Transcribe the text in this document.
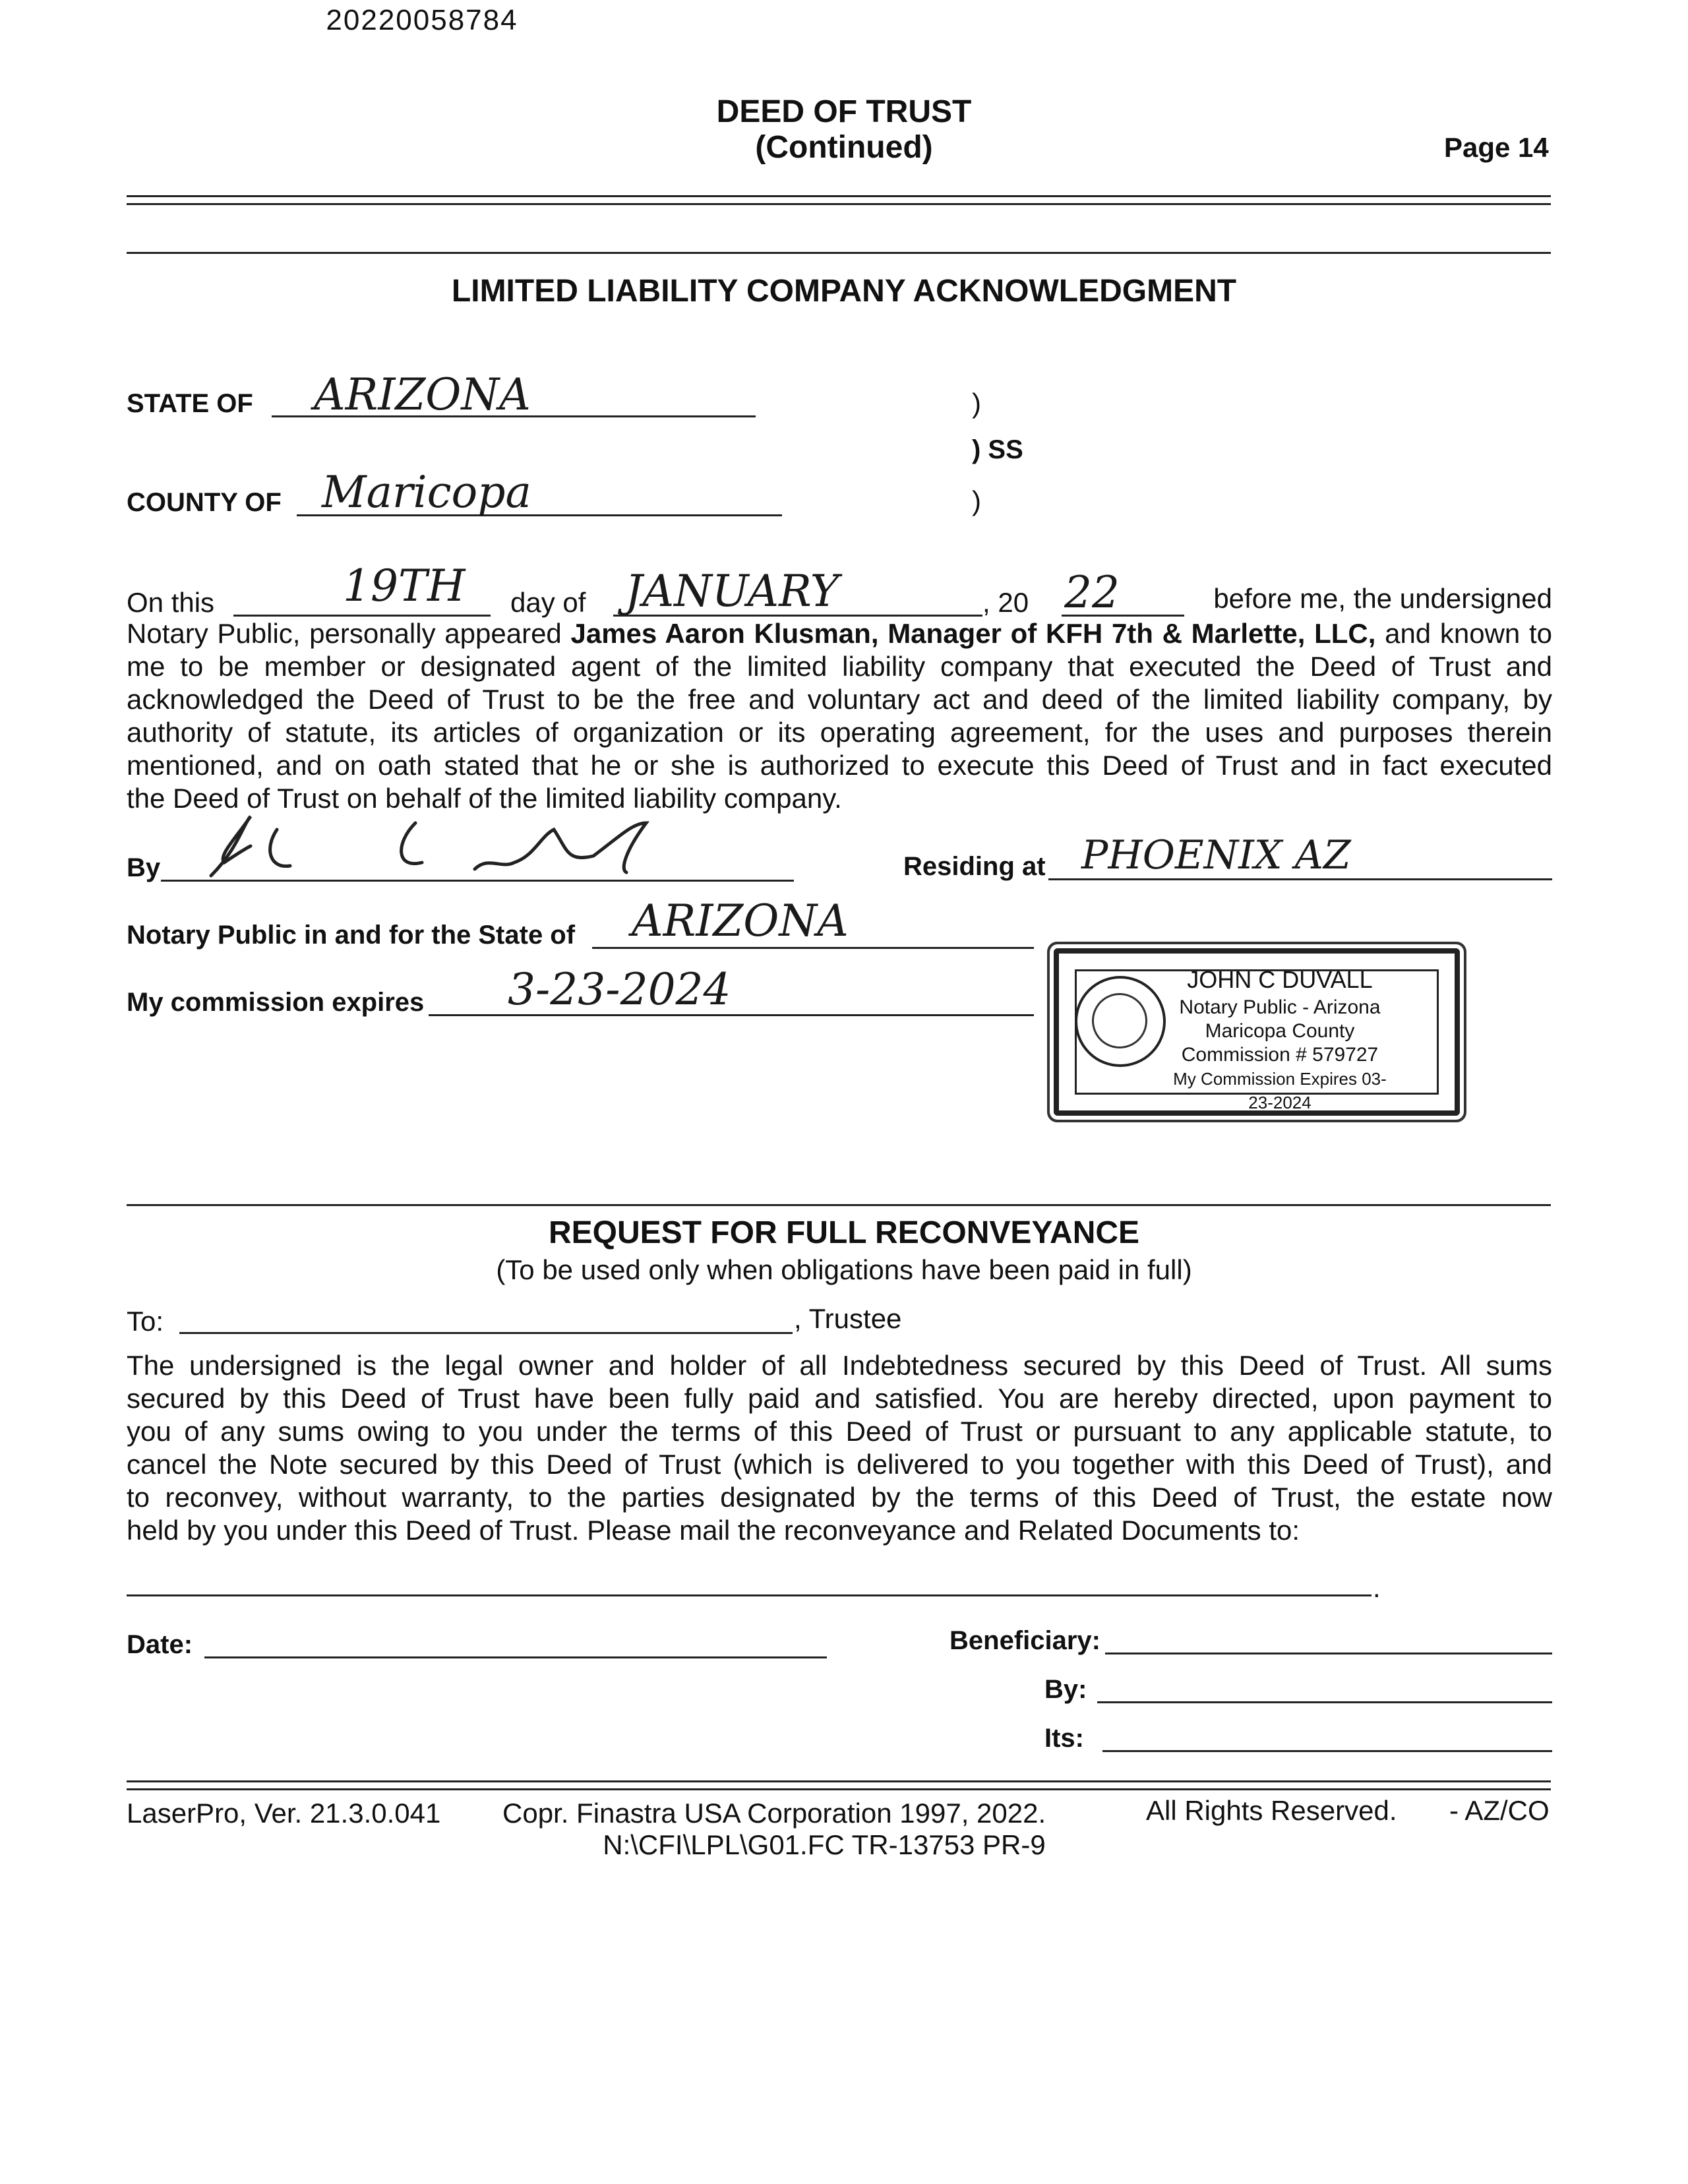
20220058784
DEED OF TRUST
(Continued)	Page 14
LIMITED LIABILITY COMPANY ACKNOWLEDGMENT
STATE OF ARIZONA	)
) SS
)
COUNTY OF Maricopa
On this	19TH day of JANUARY	, 20 22	before me, the undersigned
Notary Public, personally appeared James Aaron Klusman, Manager of KFH 7th & Marlette, LLC, and known to
me to be member or designated agent of the limited liability company that executed the Deed of Trust and
acknowledged the Deed of Trust to be the free and voluntary act and deed of the limited liability company, by
authority of statute, its articles of organization or its operating agreement, for the uses and purposes therein
mentioned, and on oath stated that he or she is authorized to execute this Deed of Trust and in fact executed
the Deed of Trust on behalf of the limited liability company.
By	Residing at PHOENIX AZ
Notary Public in and for the State of ARIZONA
My commission expires 3-23-2024	JOHN C DUVALL
Notary Public - Arizona
Maricopa County
Commission # 579727
My Commission Expires 03-23-2024
REQUEST FOR FULL RECONVEYANCE
(To be used only when obligations have been paid in full)
To:	, Trustee
The undersigned is the legal owner and holder of all Indebtedness secured by this Deed of Trust. All sums
secured by this Deed of Trust have been fully paid and satisfied. You are hereby directed, upon payment to
you of any sums owing to you under the terms of this Deed of Trust or pursuant to any applicable statute, to
cancel the Note secured by this Deed of Trust (which is delivered to you together with this Deed of Trust), and
to reconvey, without warranty, to the parties designated by the terms of this Deed of Trust, the estate now
held by you under this Deed of Trust. Please mail the reconveyance and Related Documents to:
.
Date:	Beneficiary:
By:
Its:
LaserPro, Ver. 21.3.0.041 Copr. Finastra USA Corporation 1997, 2022.	All Rights Reserved. - AZ/CO
N:\CFI\LPL\G01.FC TR-13753 PR-9
